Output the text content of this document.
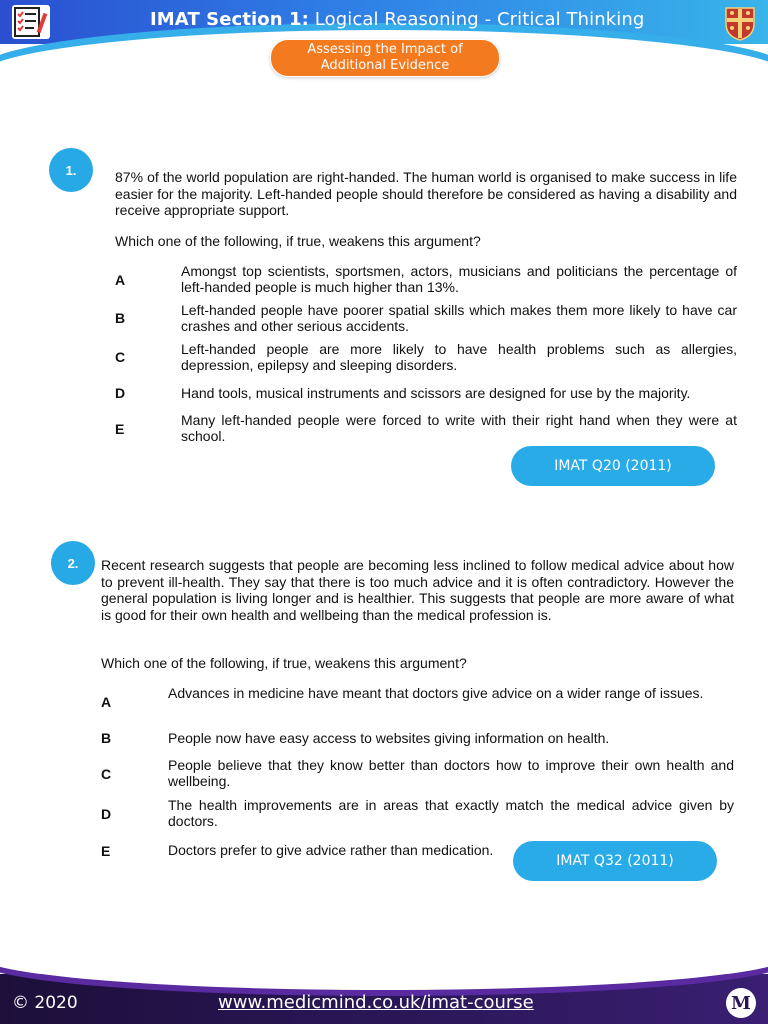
IMAT Section 1: Logical Reasoning - Critical Thinking
Assessing the Impact of
Additional Evidence
1.	87% of the world population are right-handed. The human world is organised to make success in life easier for the majority. Left-handed people should therefore be considered as having a disability and receive appropriate support.
Which one of the following, if true, weakens this argument?
A
Amongst top scientists, sportsmen, actors, musicians and politicians the percentage of left-handed people is much higher than 13%.
B	Left-handed people have poorer spatial skills which makes them more likely to have car crashes and other serious accidents.
C	Left-handed people are more likely to have health problems such as allergies, depression, epilepsy and sleeping disorders.
D	Hand tools, musical instruments and scissors are designed for use by the majority.
E
Many left-handed people were forced to write with their right hand when they were at school.
IMAT Q20 (2011)
2.	Recent research suggests that people are becoming less inclined to follow medical advice about how to prevent ill-health. They say that there is too much advice and it is often contradictory. However the general population is living longer and is healthier. This suggests that people are more aware of what is good for their own health and wellbeing than the medical profession is.
Which one of the following, if true, weakens this argument?
A
Advances in medicine have meant that doctors give advice on a wider range of issues.
B	People now have easy access to websites giving information on health.
C
People believe that they know better than doctors how to improve their own health and wellbeing.
D
The health improvements are in areas that exactly match the medical advice given by doctors.
E	Doctors prefer to give advice rather than medication.
IMAT Q32 (2011)
© 2020	www.medicmind.co.uk/imat-course	M
